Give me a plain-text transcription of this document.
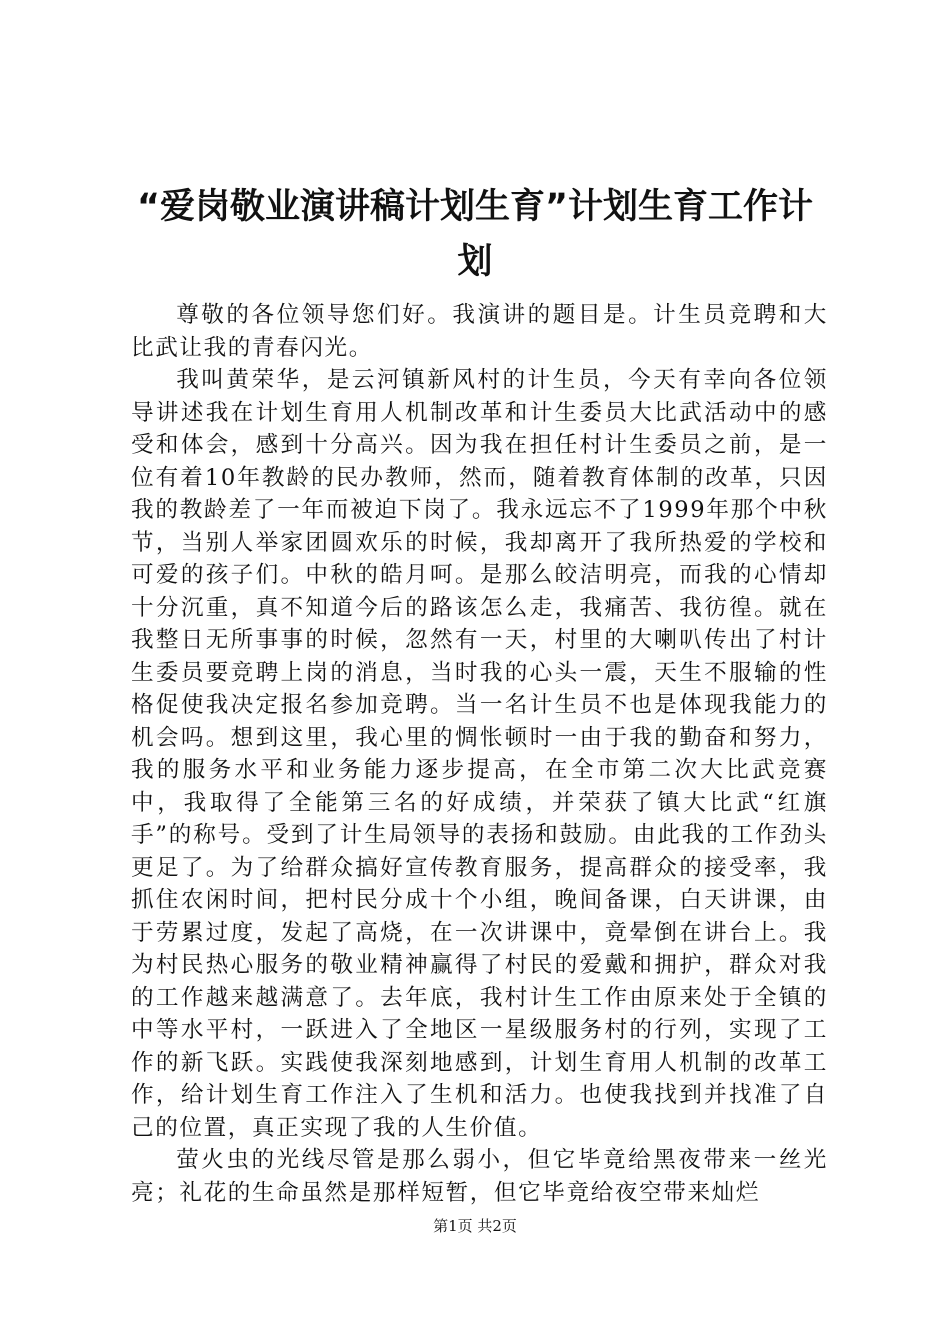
“爱岗敬业演讲稿计划生育”计划生育工作计划

尊敬的各位领导您们好。我演讲的题目是。计生员竞聘和大比武让我的青春闪光。

我叫黄荣华，是云河镇新风村的计生员，今天有幸向各位领导讲述我在计划生育用人机制改革和计生委员大比武活动中的感受和体会，感到十分高兴。因为我在担任村计生委员之前，是一位有着10年教龄的民办教师，然而，随着教育体制的改革，只因我的教龄差了一年而被迫下岗了。我永远忘不了1999年那个中秋节，当别人举家团圆欢乐的时候，我却离开了我所热爱的学校和可爱的孩子们。中秋的皓月呵。是那么皎洁明亮，而我的心情却十分沉重，真不知道今后的路该怎么走，我痛苦、我彷徨。就在我整日无所事事的时候，忽然有一天，村里的大喇叭传出了村计生委员要竞聘上岗的消息，当时我的心头一震，天生不服输的性格促使我决定报名参加竞聘。当一名计生员不也是体现我能力的机会吗。想到这里，我心里的惆怅顿时一由于我的勤奋和努力，我的服务水平和业务能力逐步提高，在全市第二次大比武竞赛中，我取得了全能第三名的好成绩，并荣获了镇大比武“红旗手”的称号。受到了计生局领导的表扬和鼓励。由此我的工作劲头更足了。为了给群众搞好宣传教育服务，提高群众的接受率，我抓住农闲时间，把村民分成十个小组，晚间备课，白天讲课，由于劳累过度，发起了高烧，在一次讲课中，竟晕倒在讲台上。我为村民热心服务的敬业精神赢得了村民的爱戴和拥护，群众对我的工作越来越满意了。去年底，我村计生工作由原来处于全镇的中等水平村，一跃进入了全地区一星级服务村的行列，实现了工作的新飞跃。实践使我深刻地感到，计划生育用人机制的改革工作，给计划生育工作注入了生机和活力。也使我找到并找准了自己的位置，真正实现了我的人生价值。

萤火虫的光线尽管是那么弱小，但它毕竟给黑夜带来一丝光亮；礼花的生命虽然是那样短暂，但它毕竟给夜空带来灿烂

第1页 共2页
